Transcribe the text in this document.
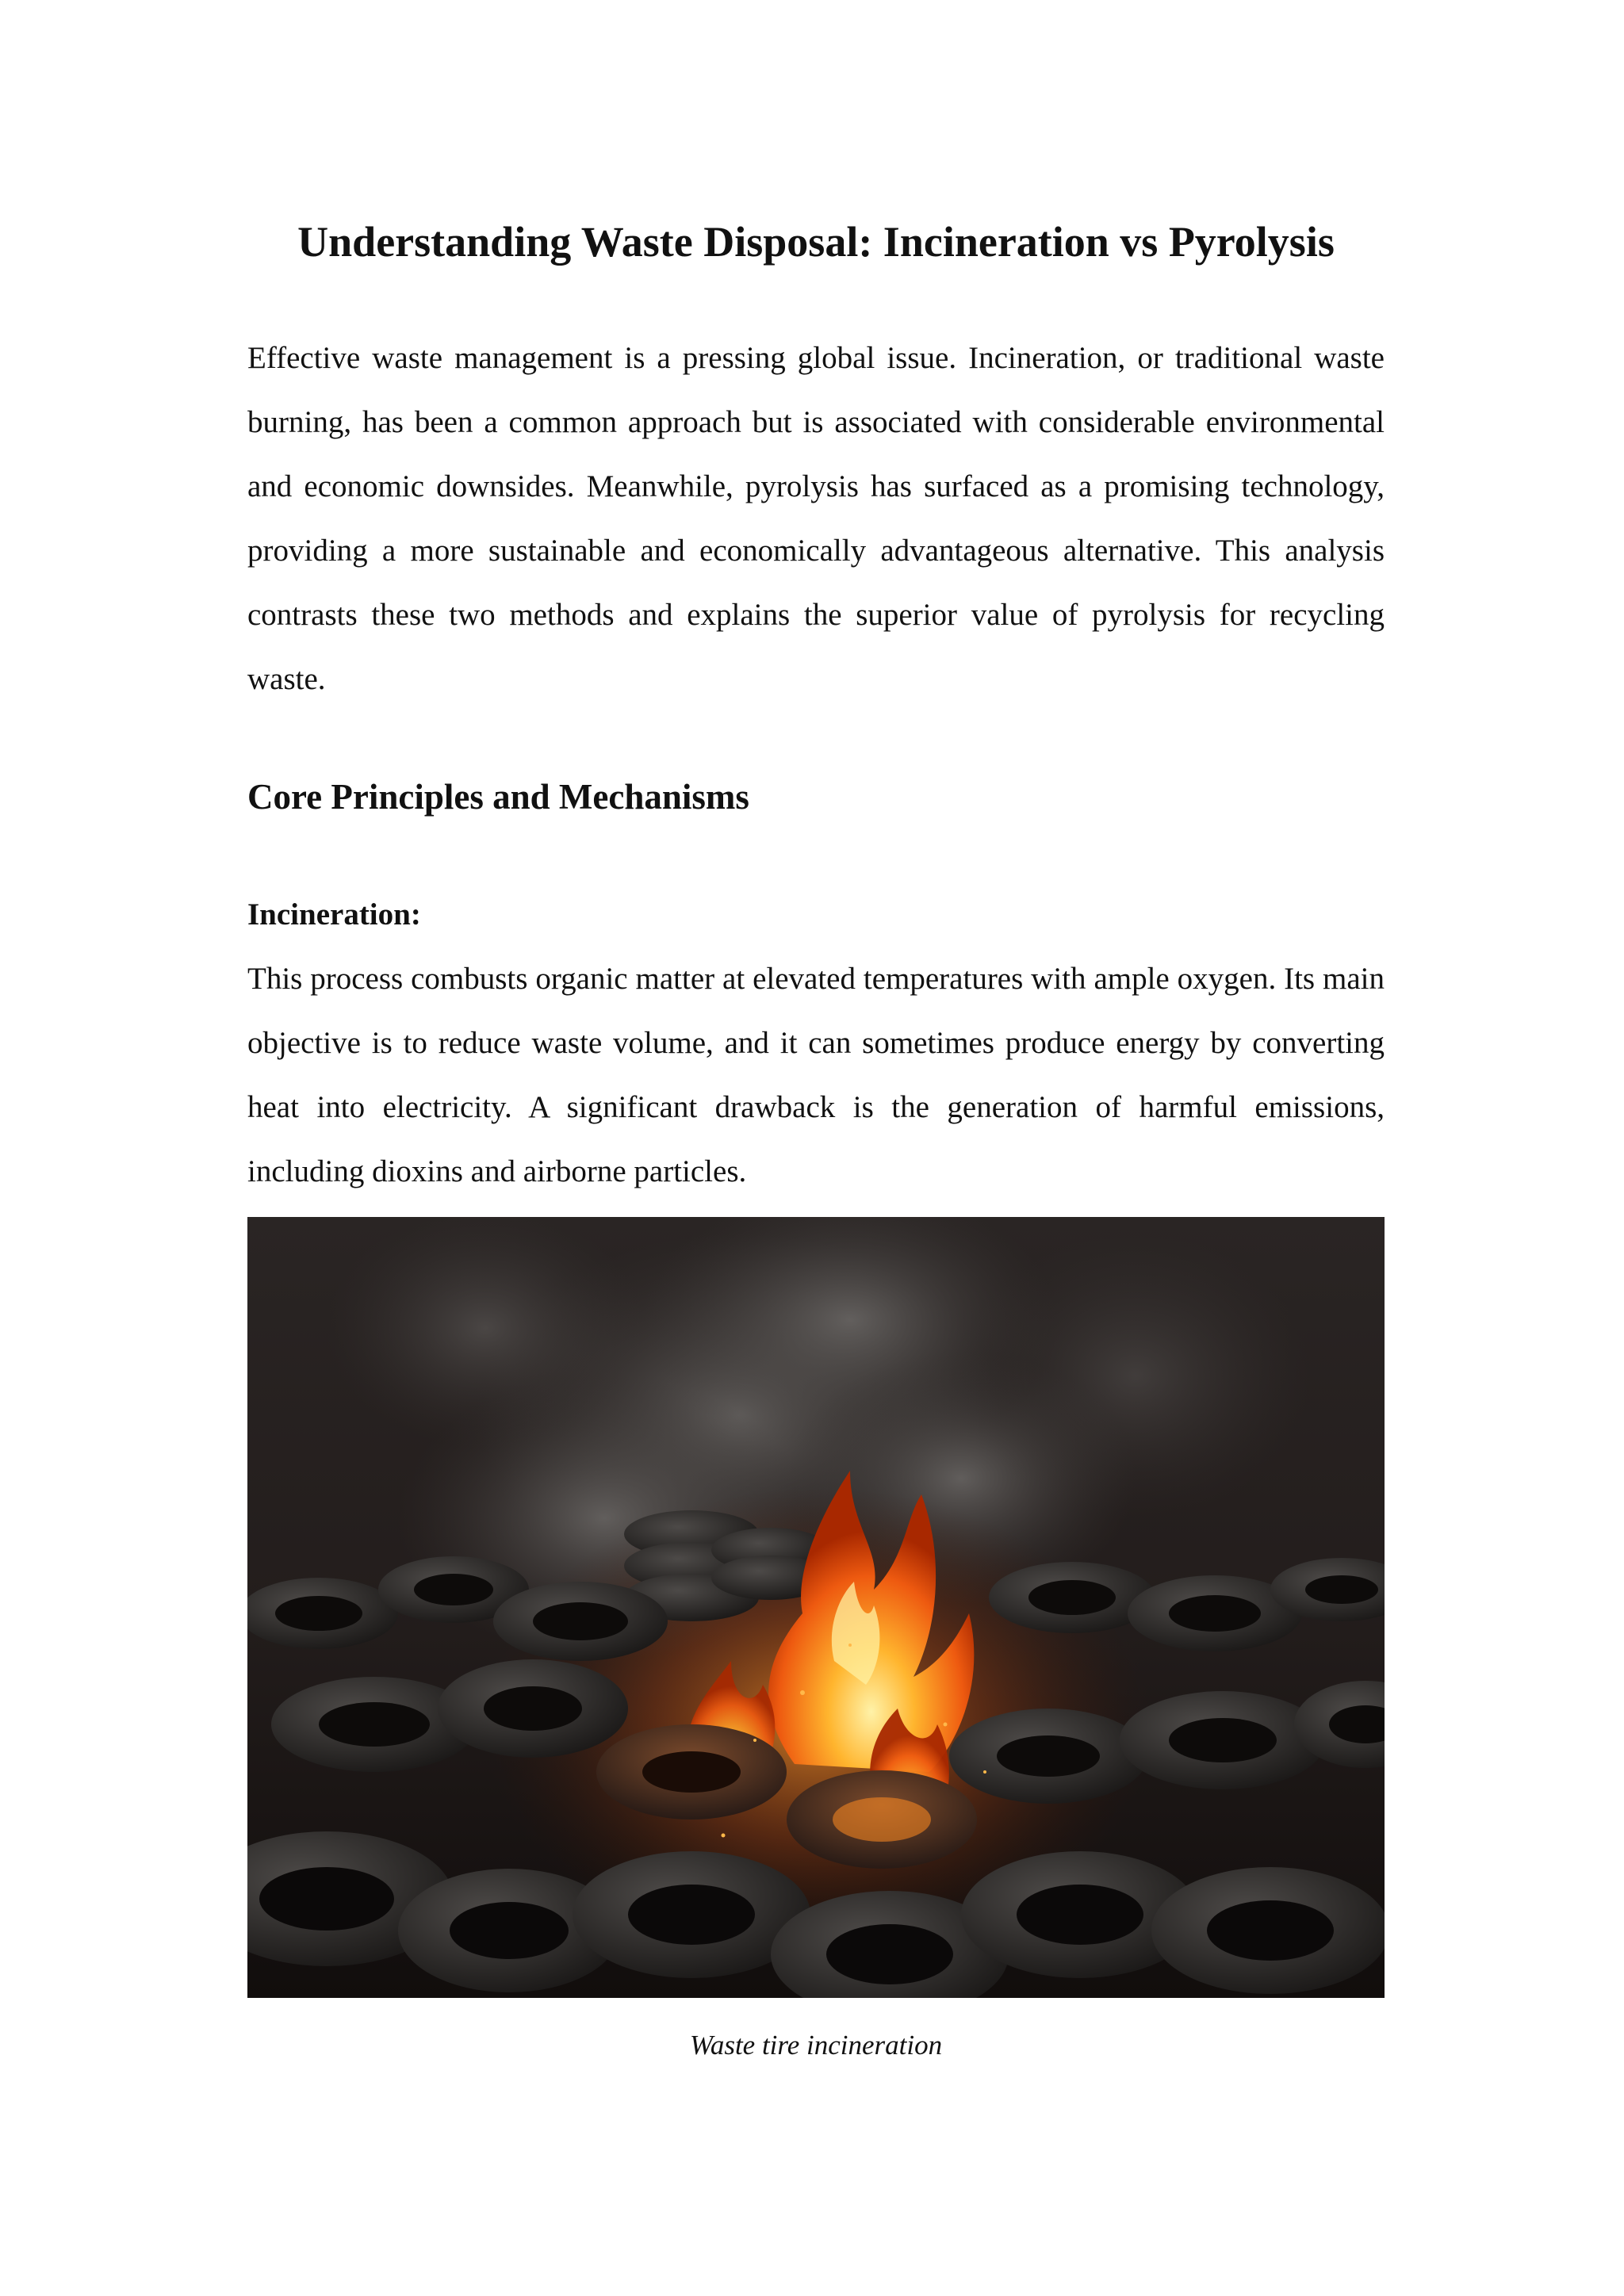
Understanding Waste Disposal: Incineration vs Pyrolysis

Effective waste management is a pressing global issue. Incineration, or traditional waste burning, has been a common approach but is associated with considerable environmental and economic downsides. Meanwhile, pyrolysis has surfaced as a promising technology, providing a more sustainable and economically advantageous alternative. This analysis contrasts these two methods and explains the superior value of pyrolysis for recycling waste.

Core Principles and Mechanisms
Incineration:

This process combusts organic matter at elevated temperatures with ample oxygen. Its main objective is to reduce waste volume, and it can sometimes produce energy by converting heat into electricity. A significant drawback is the generation of harmful emissions, including dioxins and airborne particles.

Waste tire incineration
